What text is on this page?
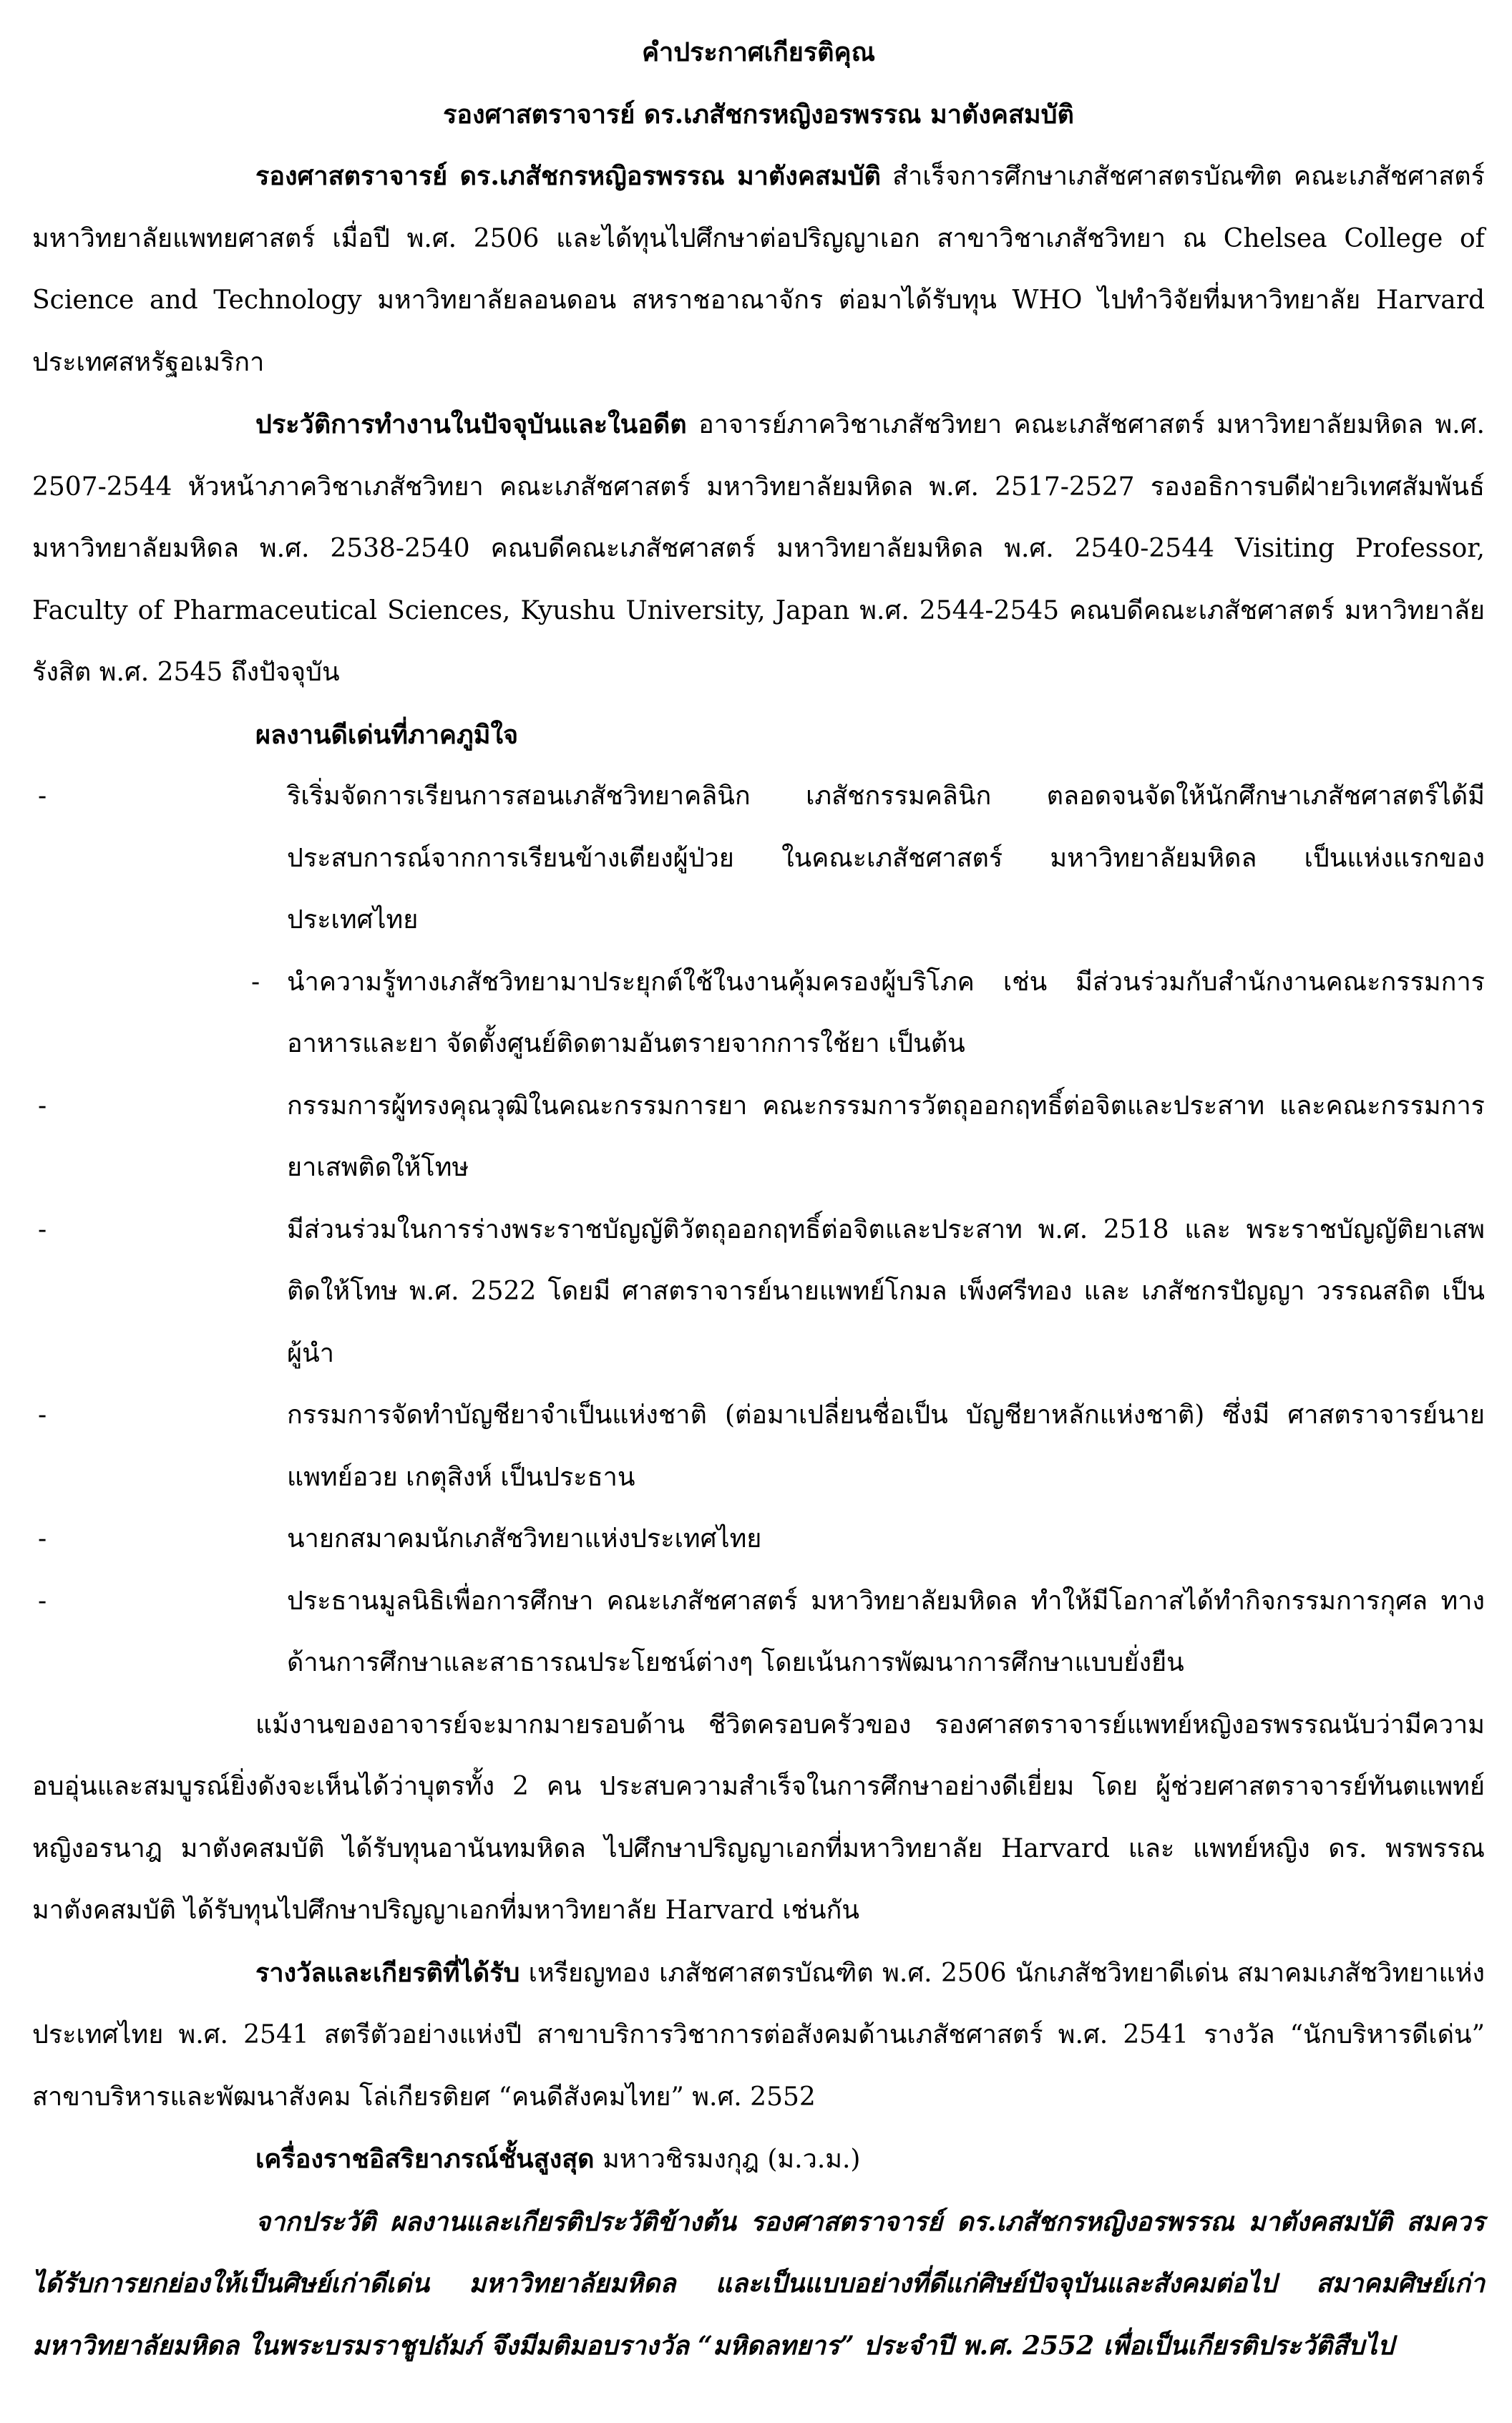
คำประกาศเกียรติคุณ

รองศาสตราจารย์ ดร.เภสัชกรหญิงอรพรรณ มาตังคสมบัติ

รองศาสตราจารย์ ดร.เภสัชกรหญิอรพรรณ มาตังคสมบัติ สำเร็จการศึกษาเภสัชศาสตรบัณฑิต คณะเภสัชศาสตร์ มหาวิทยาลัยแพทยศาสตร์ เมื่อปี พ.ศ. 2506 และได้ทุนไปศึกษาต่อปริญญาเอก สาขาวิชาเภสัชวิทยา ณ Chelsea College of Science and Technology มหาวิทยาลัยลอนดอน สหราชอาณาจักร ต่อมาได้รับทุน WHO ไปทำวิจัยที่มหาวิทยาลัย Harvard ประเทศสหรัฐอเมริกา

ประวัติการทำงานในปัจจุบันและในอดีต อาจารย์ภาควิชาเภสัชวิทยา คณะเภสัชศาสตร์ มหาวิทยาลัยมหิดล พ.ศ. 2507-2544 หัวหน้าภาควิชาเภสัชวิทยา คณะเภสัชศาสตร์ มหาวิทยาลัยมหิดล พ.ศ. 2517-2527 รองอธิการบดีฝ่ายวิเทศสัมพันธ์ มหาวิทยาลัยมหิดล พ.ศ. 2538-2540 คณบดีคณะเภสัชศาสตร์ มหาวิทยาลัยมหิดล พ.ศ. 2540-2544 Visiting Professor, Faculty of Pharmaceutical Sciences, Kyushu University, Japan พ.ศ. 2544-2545 คณบดีคณะเภสัชศาสตร์ มหาวิทยาลัยรังสิต พ.ศ. 2545 ถึงปัจจุบัน

ผลงานดีเด่นที่ภาคภูมิใจ

-	ริเริ่มจัดการเรียนการสอนเภสัชวิทยาคลินิก เภสัชกรรมคลินิก ตลอดจนจัดให้นักศึกษาเภสัชศาสตร์ได้มีประสบการณ์จากการเรียนข้างเตียงผู้ป่วย ในคณะเภสัชศาสตร์ มหาวิทยาลัยมหิดล เป็นแห่งแรกของประเทศไทย
- นำความรู้ทางเภสัชวิทยามาประยุกต์ใช้ในงานคุ้มครองผู้บริโภค เช่น มีส่วนร่วมกับสำนักงานคณะกรรมการอาหารและยา จัดตั้งศูนย์ติดตามอันตรายจากการใช้ยา เป็นต้น
-	กรรมการผู้ทรงคุณวุฒิในคณะกรรมการยา คณะกรรมการวัตถุออกฤทธิ์ต่อจิตและประสาท และคณะกรรมการยาเสพติดให้โทษ
-	มีส่วนร่วมในการร่างพระราชบัญญัติวัตถุออกฤทธิ์ต่อจิตและประสาท พ.ศ. 2518 และ พระราชบัญญัติยาเสพติดให้โทษ พ.ศ. 2522 โดยมี ศาสตราจารย์นายแพทย์โกมล เพ็งศรีทอง และ เภสัชกรปัญญา วรรณสถิต เป็นผู้นำ
-	กรรมการจัดทำบัญชียาจำเป็นแห่งชาติ (ต่อมาเปลี่ยนชื่อเป็น บัญชียาหลักแห่งชาติ) ซึ่งมี ศาสตราจารย์นายแพทย์อวย เกตุสิงห์ เป็นประธาน
-	นายกสมาคมนักเภสัชวิทยาแห่งประเทศไทย
-	ประธานมูลนิธิเพื่อการศึกษา คณะเภสัชศาสตร์ มหาวิทยาลัยมหิดล ทำให้มีโอกาสได้ทำกิจกรรมการกุศล ทางด้านการศึกษาและสาธารณประโยชน์ต่างๆ โดยเน้นการพัฒนาการศึกษาแบบยั่งยืน

แม้งานของอาจารย์จะมากมายรอบด้าน ชีวิตครอบครัวของ รองศาสตราจารย์แพทย์หญิงอรพรรณนับว่ามีความอบอุ่นและสมบูรณ์ยิ่งดังจะเห็นได้ว่าบุตรทั้ง 2 คน ประสบความสำเร็จในการศึกษาอย่างดีเยี่ยม โดย ผู้ช่วยศาสตราจารย์ทันตแพทย์หญิงอรนาฎ มาตังคสมบัติ ได้รับทุนอานันทมหิดล ไปศึกษาปริญญาเอกที่มหาวิทยาลัย Harvard และ แพทย์หญิง ดร. พรพรรณ มาตังคสมบัติ ได้รับทุนไปศึกษาปริญญาเอกที่มหาวิทยาลัย Harvard เช่นกัน

รางวัลและเกียรติที่ได้รับ เหรียญทอง เภสัชศาสตรบัณฑิต พ.ศ. 2506 นักเภสัชวิทยาดีเด่น สมาคมเภสัชวิทยาแห่งประเทศไทย พ.ศ. 2541 สตรีตัวอย่างแห่งปี สาขาบริการวิชาการต่อสังคมด้านเภสัชศาสตร์ พ.ศ. 2541 รางวัล “นักบริหารดีเด่น” สาขาบริหารและพัฒนาสังคม โล่เกียรติยศ “คนดีสังคมไทย” พ.ศ. 2552

เครื่องราชอิสริยาภรณ์ชั้นสูงสุด มหาวชิรมงกุฎ (ม.ว.ม.)

จากประวัติ ผลงานและเกียรติประวัติข้างต้น รองศาสตราจารย์ ดร.เภสัชกรหญิงอรพรรณ มาตังคสมบัติ สมควรได้รับการยกย่องให้เป็นศิษย์เก่าดีเด่น มหาวิทยาลัยมหิดล และเป็นแบบอย่างที่ดีแก่ศิษย์ปัจจุบันและสังคมต่อไป สมาคมศิษย์เก่ามหาวิทยาลัยมหิดล ในพระบรมราชูปถัมภ์ จึงมีมติมอบรางวัล “มหิดลทยาร” ประจำปี พ.ศ. 2552 เพื่อเป็นเกียรติประวัติสืบไป
